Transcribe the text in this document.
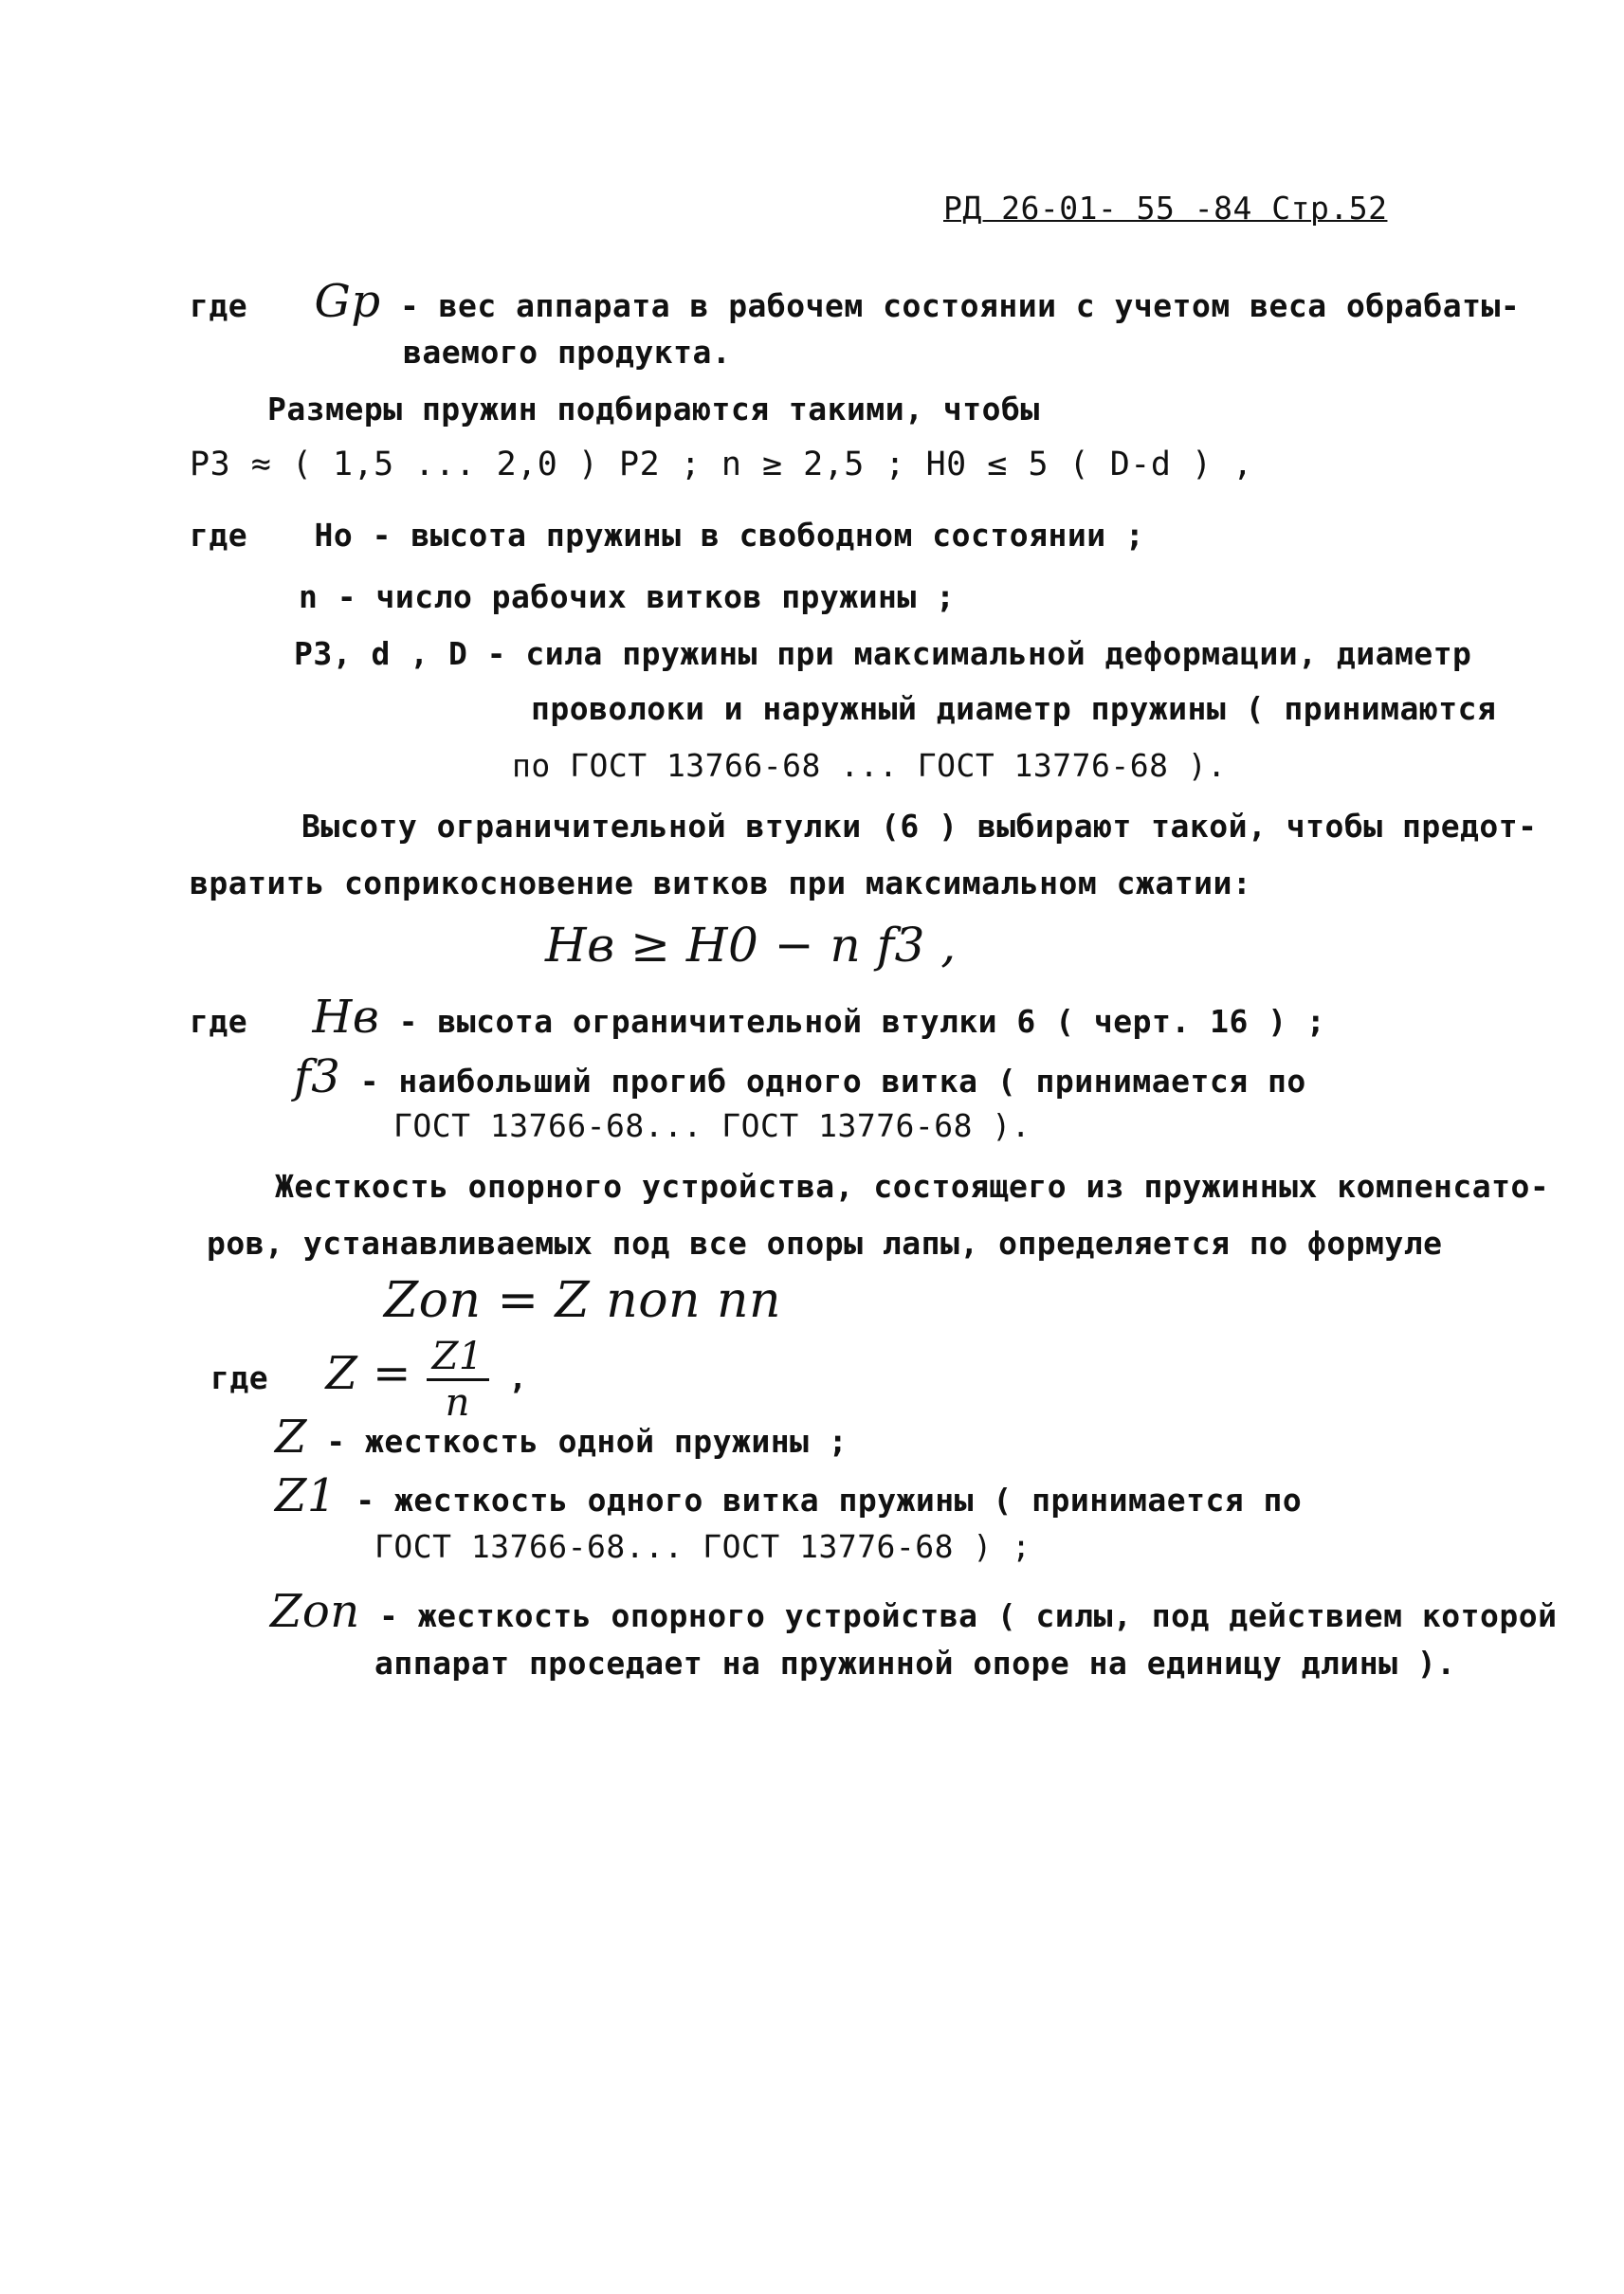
РД 26-01- 55 -84 Стр.52
где Gp - вес аппарата в рабочем состоянии с учетом веса обрабаты-
ваемого продукта.
Размеры пружин подбираются такими, чтобы
P3 ≈ ( 1,5 ... 2,0 ) P2 ; n ≥ 2,5 ; H0 ≤ 5 ( D-d ) ,
где Но - высота пружины в свободном состоянии ;
n - число рабочих витков пружины ;
P3, d , D - сила пружины при максимальной деформации, диаметр
проволоки и наружный диаметр пружины ( принимаются
по ГОСТ 13766-68 ... ГОСТ 13776-68 ).
Высоту ограничительной втулки (6 ) выбирают такой, чтобы предот-
вратить соприкосновение витков при максимальном сжатии:
Hв ≥ H0 − n f3 ,
где Hв - высота ограничительной втулки 6 ( черт. 16 ) ;
f3 - наибольший прогиб одного витка ( принимается по
ГОСТ 13766-68... ГОСТ 13776-68 ).
Жесткость опорного устройства, состоящего из пружинных компенсато-
ров, устанавливаемых под все опоры лапы, определяется по формуле
Zоп = Z nоп nn
где $Z = \frac{Z1}{n}$ ,
Z - жесткость одной пружины ;
Z1 - жесткость одного витка пружины ( принимается по
ГОСТ 13766-68... ГОСТ 13776-68 ) ;
Zоп - жесткость опорного устройства ( силы, под действием которой
аппарат проседает на пружинной опоре на единицу длины ).
